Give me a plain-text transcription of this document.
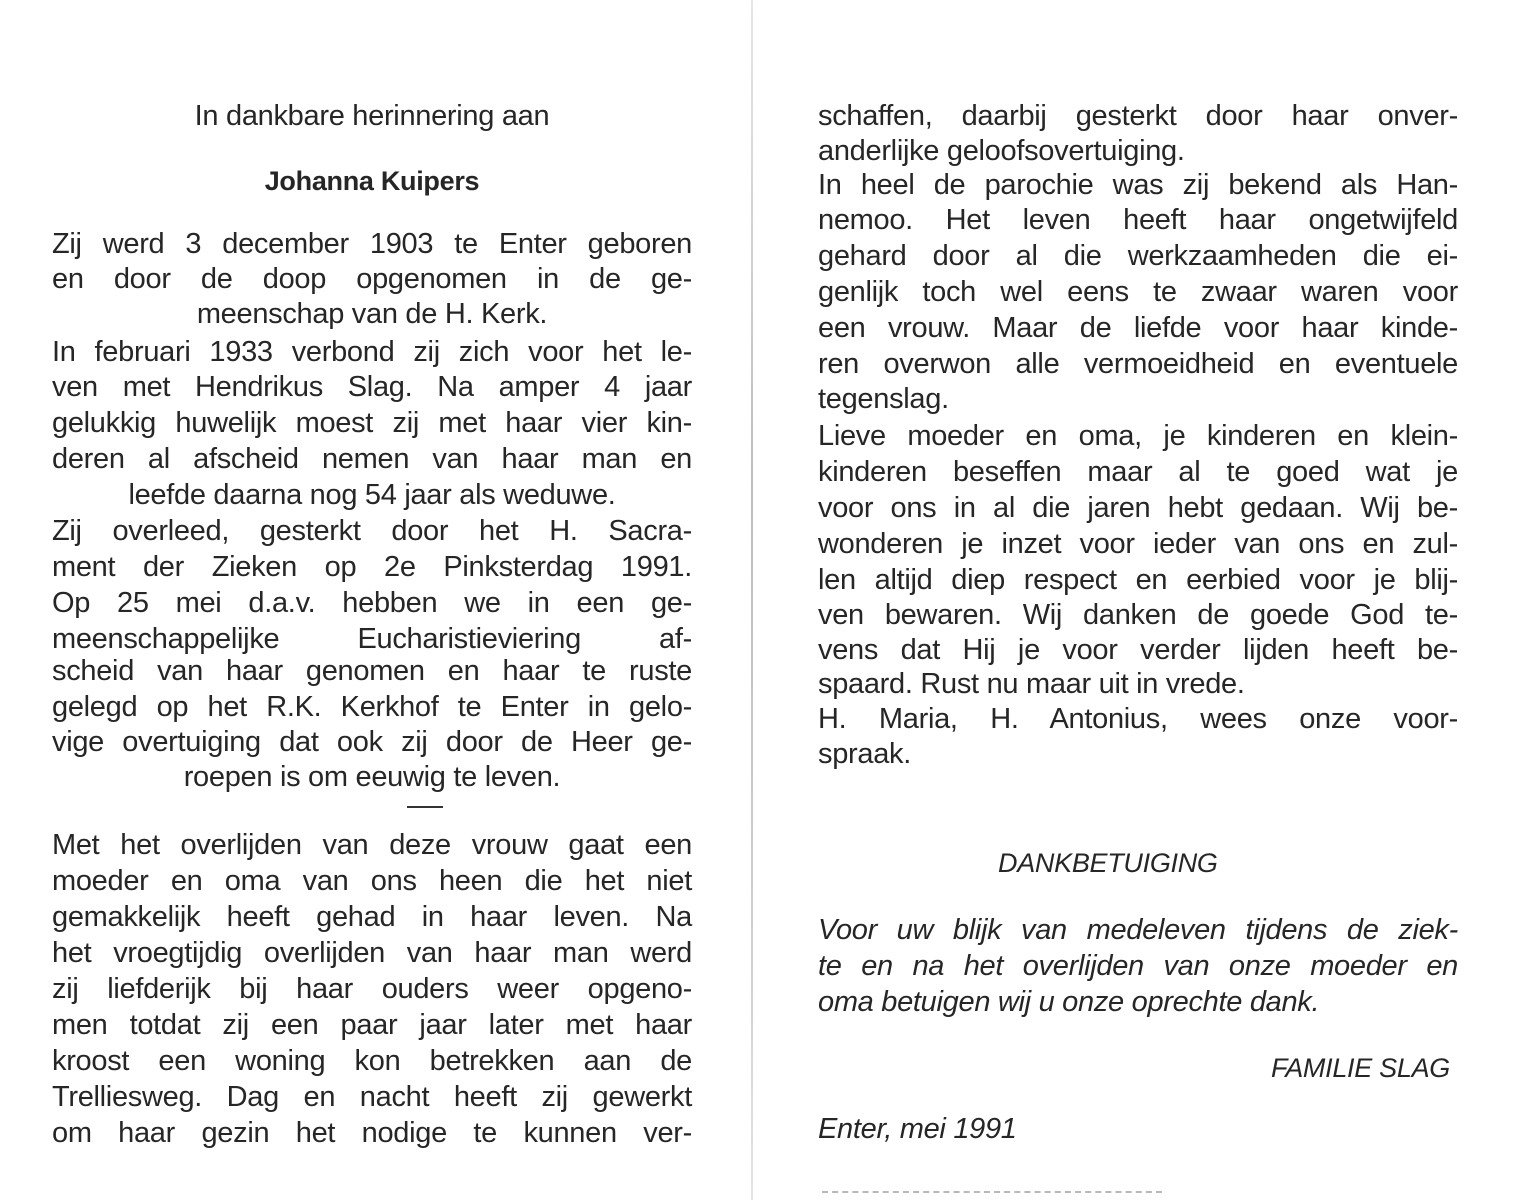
In dankbare herinnering aan
Johanna Kuipers
Zij werd 3 december 1903 te Enter geboren
en door de doop opgenomen in de ge-
meenschap van de H. Kerk.
In februari 1933 verbond zij zich voor het le-
ven met Hendrikus Slag. Na amper 4 jaar
gelukkig huwelijk moest zij met haar vier kin-
deren al afscheid nemen van haar man en
leefde daarna nog 54 jaar als weduwe.
Zij overleed, gesterkt door het H. Sacra-
ment der Zieken op 2e Pinksterdag 1991.
Op 25 mei d.a.v. hebben we in een ge-
meenschappelijke Eucharistieviering af-
scheid van haar genomen en haar te ruste
gelegd op het R.K. Kerkhof te Enter in gelo-
vige overtuiging dat ook zij door de Heer ge-
roepen is om eeuwig te leven.
Met het overlijden van deze vrouw gaat een
moeder en oma van ons heen die het niet
gemakkelijk heeft gehad in haar leven. Na
het vroegtijdig overlijden van haar man werd
zij liefderijk bij haar ouders weer opgeno-
men totdat zij een paar jaar later met haar
kroost een woning kon betrekken aan de
Trelliesweg. Dag en nacht heeft zij gewerkt
om haar gezin het nodige te kunnen ver-
schaffen, daarbij gesterkt door haar onver-
anderlijke geloofsovertuiging.
In heel de parochie was zij bekend als Han-
nemoo. Het leven heeft haar ongetwijfeld
gehard door al die werkzaamheden die ei-
genlijk toch wel eens te zwaar waren voor
een vrouw. Maar de liefde voor haar kinde-
ren overwon alle vermoeidheid en eventuele
tegenslag.
Lieve moeder en oma, je kinderen en klein-
kinderen beseffen maar al te goed wat je
voor ons in al die jaren hebt gedaan. Wij be-
wonderen je inzet voor ieder van ons en zul-
len altijd diep respect en eerbied voor je blij-
ven bewaren. Wij danken de goede God te-
vens dat Hij je voor verder lijden heeft be-
spaard. Rust nu maar uit in vrede.
H. Maria, H. Antonius, wees onze voor-
spraak.
DANKBETUIGING
Voor uw blijk van medeleven tijdens de ziek-
te en na het overlijden van onze moeder en
oma betuigen wij u onze oprechte dank.
FAMILIE SLAG
Enter, mei 1991
